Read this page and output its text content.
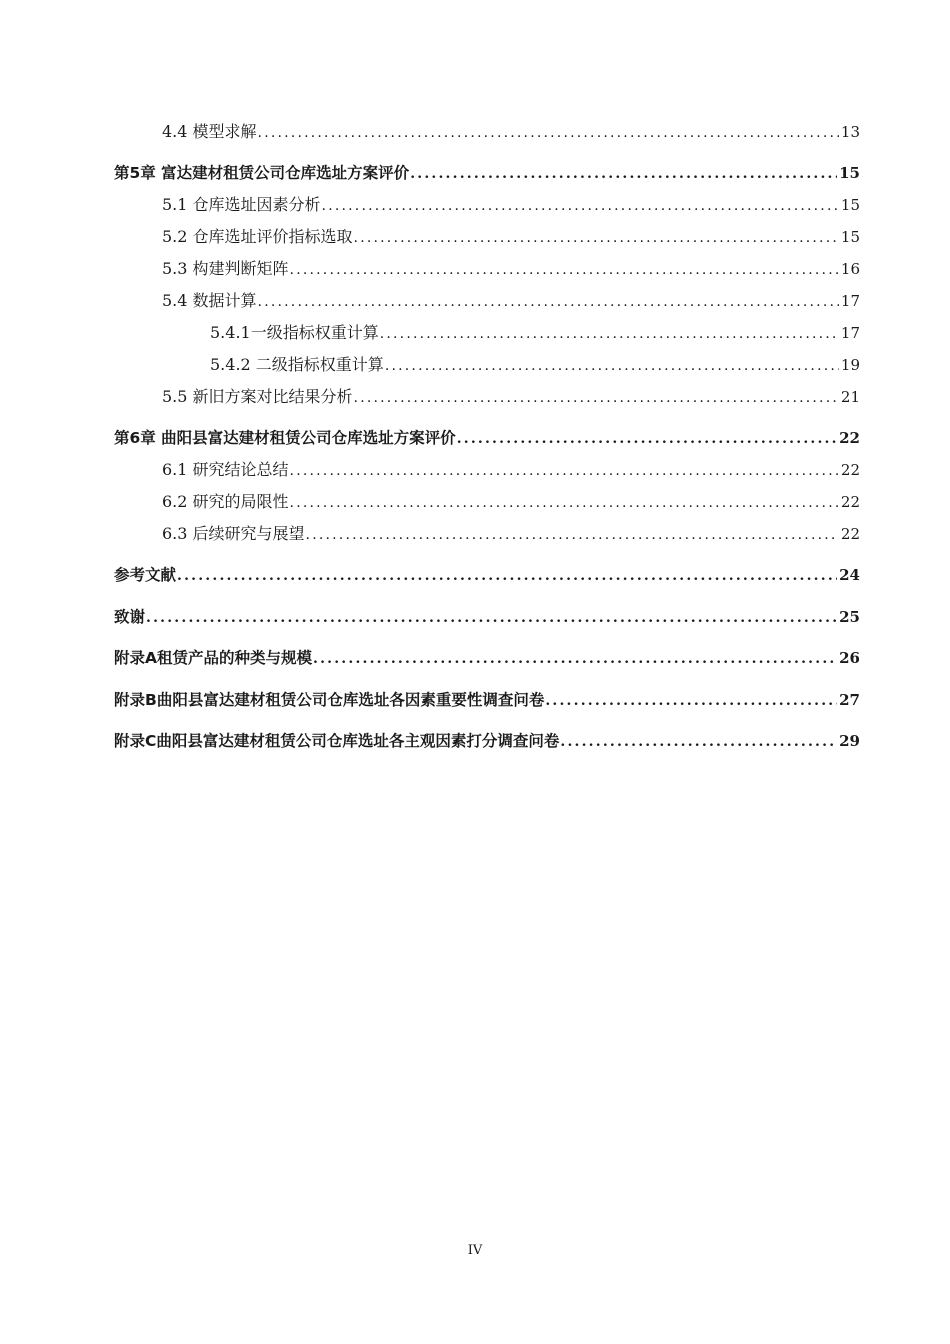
4.4 模型求解 .....	13
第5章 富达建材租赁公司仓库选址方案评价 .....	15
5.1 仓库选址因素分析 .....	15
5.2 仓库选址评价指标选取 .....	15
5.3 构建判断矩阵 .....	16
5.4 数据计算 .....	17
5.4.1一级指标权重计算 .....	17
5.4.2 二级指标权重计算 .....	19
5.5 新旧方案对比结果分析 .....	21
第6章 曲阳县富达建材租赁公司仓库选址方案评价 .....	22
6.1 研究结论总结 .....	22
6.2 研究的局限性 .....	22
6.3 后续研究与展望 .....	22
参考文献 .....	24
致谢 .....	25
附录A租赁产品的种类与规模 .....	26
附录B曲阳县富达建材租赁公司仓库选址各因素重要性调查问卷 .....	27
附录C曲阳县富达建材租赁公司仓库选址各主观因素打分调查问卷 .....	29
IV
